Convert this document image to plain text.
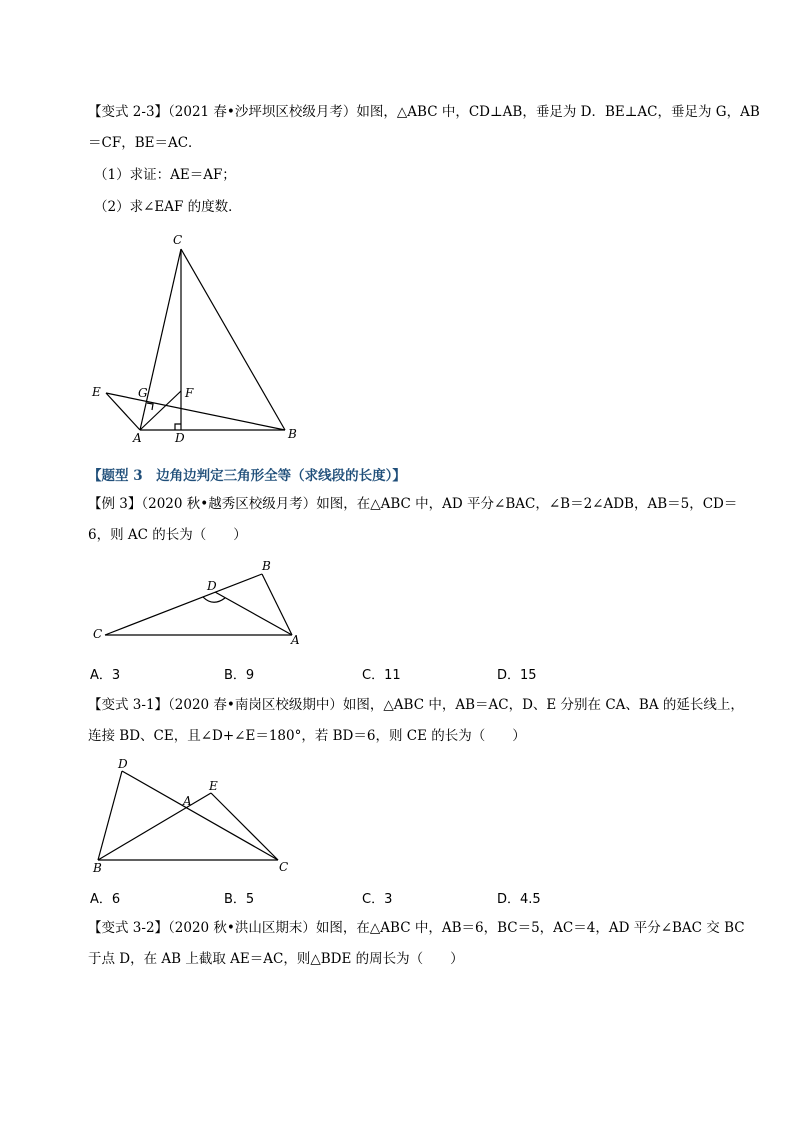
【变式 2-3】（2021 春•沙坪坝区校级月考）如图，△ABC 中，CD⊥AB，垂足为 D．BE⊥AC，垂足为 G，AB
＝CF，BE＝AC．
（1）求证：AE＝AF；
（2）求∠EAF 的度数．
C
E	G	F
A	D	B
【题型 3　边角边判定三角形全等（求线段的长度）】
【例 3】（2020 秋•越秀区校级月考）如图，在△ABC 中，AD 平分∠BAC，∠B＝2∠ADB，AB＝5，CD＝
6，则 AC 的长为（　　）
D
B
C	A
A．3	B．9	C．11	D．15
【变式 3-1】（2020 春•南岗区校级期中）如图，△ABC 中，AB＝AC，D、E 分别在 CA、BA 的延长线上，
连接 BD、CE，且∠D+∠E＝180°，若 BD＝6，则 CE 的长为（　　）
D
A
E
B	C
A．6	B．5	C．3	D．4.5
【变式 3-2】（2020 秋•洪山区期末）如图，在△ABC 中，AB＝6，BC＝5，AC＝4，AD 平分∠BAC 交 BC
于点 D，在 AB 上截取 AE＝AC，则△BDE 的周长为（　　）
